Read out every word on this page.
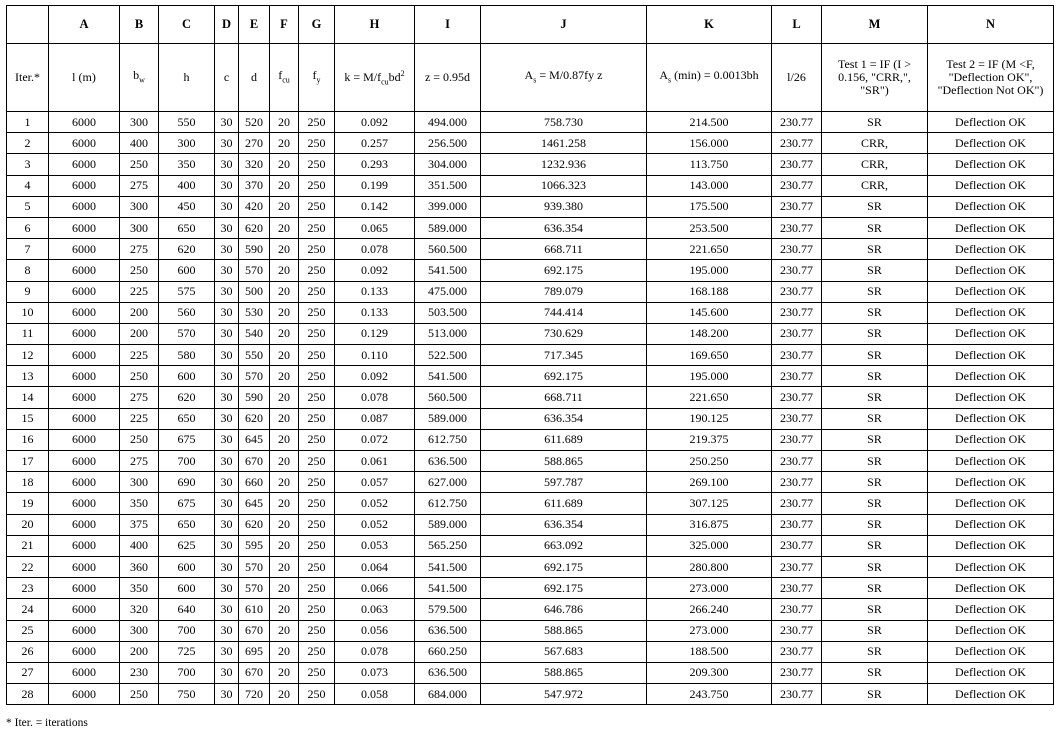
	A	B	C	D	E	F	G	H	I	J	K	L	M	N
Iter.*	l (m)	$b_w$	h	c	d	$f_{cu}$	$f_y$	$k = M/f_{cu}bd^2$	z = 0.95d	$A_s = M/0.87fy$ z	$A_s$ (min) = 0.0013bh	l/26	Test 1 = IF (I > 0.156, "CRR,", "SR")	Test 2 = IF (M <F, "Deflection OK", "Deflection Not OK")
1	6000	300	550	30	520	20	250	0.092	494.000	758.730	214.500	230.77	SR	Deflection OK
2	6000	400	300	30	270	20	250	0.257	256.500	1461.258	156.000	230.77	CRR,	Deflection OK
3	6000	250	350	30	320	20	250	0.293	304.000	1232.936	113.750	230.77	CRR,	Deflection OK
4	6000	275	400	30	370	20	250	0.199	351.500	1066.323	143.000	230.77	CRR,	Deflection OK
5	6000	300	450	30	420	20	250	0.142	399.000	939.380	175.500	230.77	SR	Deflection OK
6	6000	300	650	30	620	20	250	0.065	589.000	636.354	253.500	230.77	SR	Deflection OK
7	6000	275	620	30	590	20	250	0.078	560.500	668.711	221.650	230.77	SR	Deflection OK
8	6000	250	600	30	570	20	250	0.092	541.500	692.175	195.000	230.77	SR	Deflection OK
9	6000	225	575	30	500	20	250	0.133	475.000	789.079	168.188	230.77	SR	Deflection OK
10	6000	200	560	30	530	20	250	0.133	503.500	744.414	145.600	230.77	SR	Deflection OK
11	6000	200	570	30	540	20	250	0.129	513.000	730.629	148.200	230.77	SR	Deflection OK
12	6000	225	580	30	550	20	250	0.110	522.500	717.345	169.650	230.77	SR	Deflection OK
13	6000	250	600	30	570	20	250	0.092	541.500	692.175	195.000	230.77	SR	Deflection OK
14	6000	275	620	30	590	20	250	0.078	560.500	668.711	221.650	230.77	SR	Deflection OK
15	6000	225	650	30	620	20	250	0.087	589.000	636.354	190.125	230.77	SR	Deflection OK
16	6000	250	675	30	645	20	250	0.072	612.750	611.689	219.375	230.77	SR	Deflection OK
17	6000	275	700	30	670	20	250	0.061	636.500	588.865	250.250	230.77	SR	Deflection OK
18	6000	300	690	30	660	20	250	0.057	627.000	597.787	269.100	230.77	SR	Deflection OK
19	6000	350	675	30	645	20	250	0.052	612.750	611.689	307.125	230.77	SR	Deflection OK
20	6000	375	650	30	620	20	250	0.052	589.000	636.354	316.875	230.77	SR	Deflection OK
21	6000	400	625	30	595	20	250	0.053	565.250	663.092	325.000	230.77	SR	Deflection OK
22	6000	360	600	30	570	20	250	0.064	541.500	692.175	280.800	230.77	SR	Deflection OK
23	6000	350	600	30	570	20	250	0.066	541.500	692.175	273.000	230.77	SR	Deflection OK
24	6000	320	640	30	610	20	250	0.063	579.500	646.786	266.240	230.77	SR	Deflection OK
25	6000	300	700	30	670	20	250	0.056	636.500	588.865	273.000	230.77	SR	Deflection OK
26	6000	200	725	30	695	20	250	0.078	660.250	567.683	188.500	230.77	SR	Deflection OK
27	6000	230	700	30	670	20	250	0.073	636.500	588.865	209.300	230.77	SR	Deflection OK
28	6000	250	750	30	720	20	250	0.058	684.000	547.972	243.750	230.77	SR	Deflection OK
* Iter. = iterations
